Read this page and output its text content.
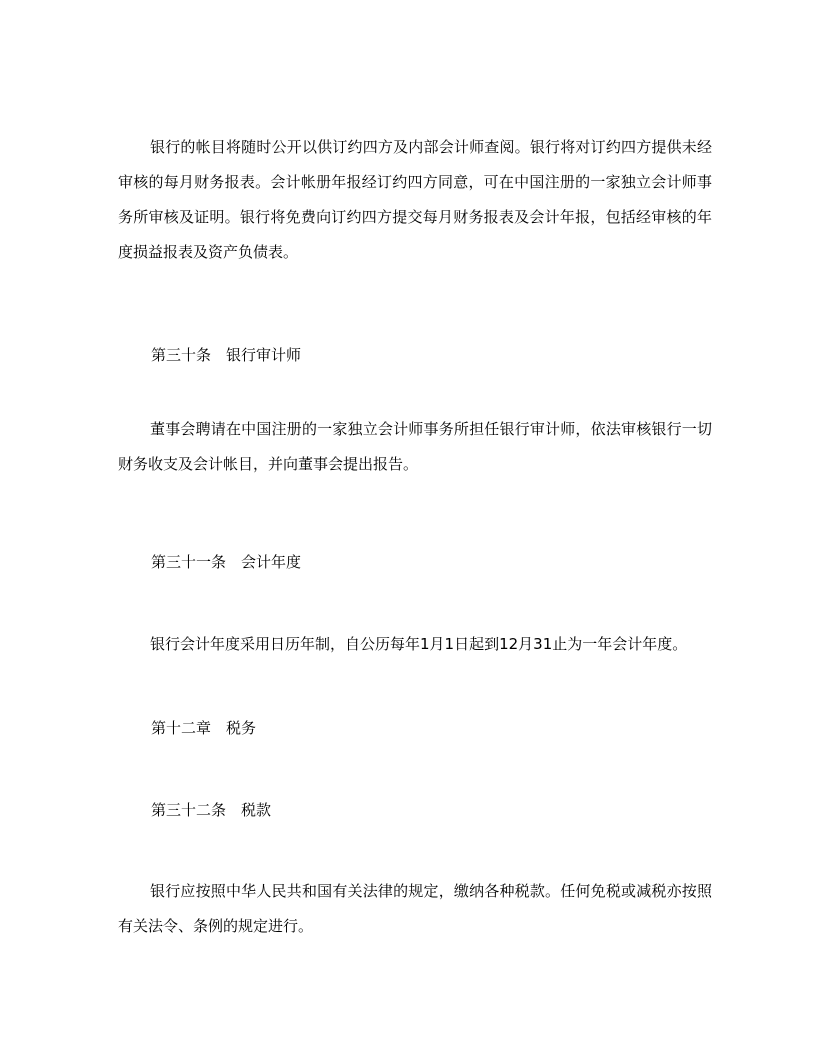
银行的帐目将随时公开以供订约四方及内部会计师查阅。银行将对订约四方提供未经审核的每月财务报表。会计帐册年报经订约四方同意，可在中国注册的一家独立会计师事务所审核及证明。银行将免费向订约四方提交每月财务报表及会计年报，包括经审核的年度损益报表及资产负债表。

第三十条　银行审计师

董事会聘请在中国注册的一家独立会计师事务所担任银行审计师，依法审核银行一切财务收支及会计帐目，并向董事会提出报告。

第三十一条　会计年度

银行会计年度采用日历年制，自公历每年1月1日起到12月31止为一年会计年度。

第十二章　税务

第三十二条　税款

银行应按照中华人民共和国有关法律的规定，缴纳各种税款。任何免税或减税亦按照有关法令、条例的规定进行。
